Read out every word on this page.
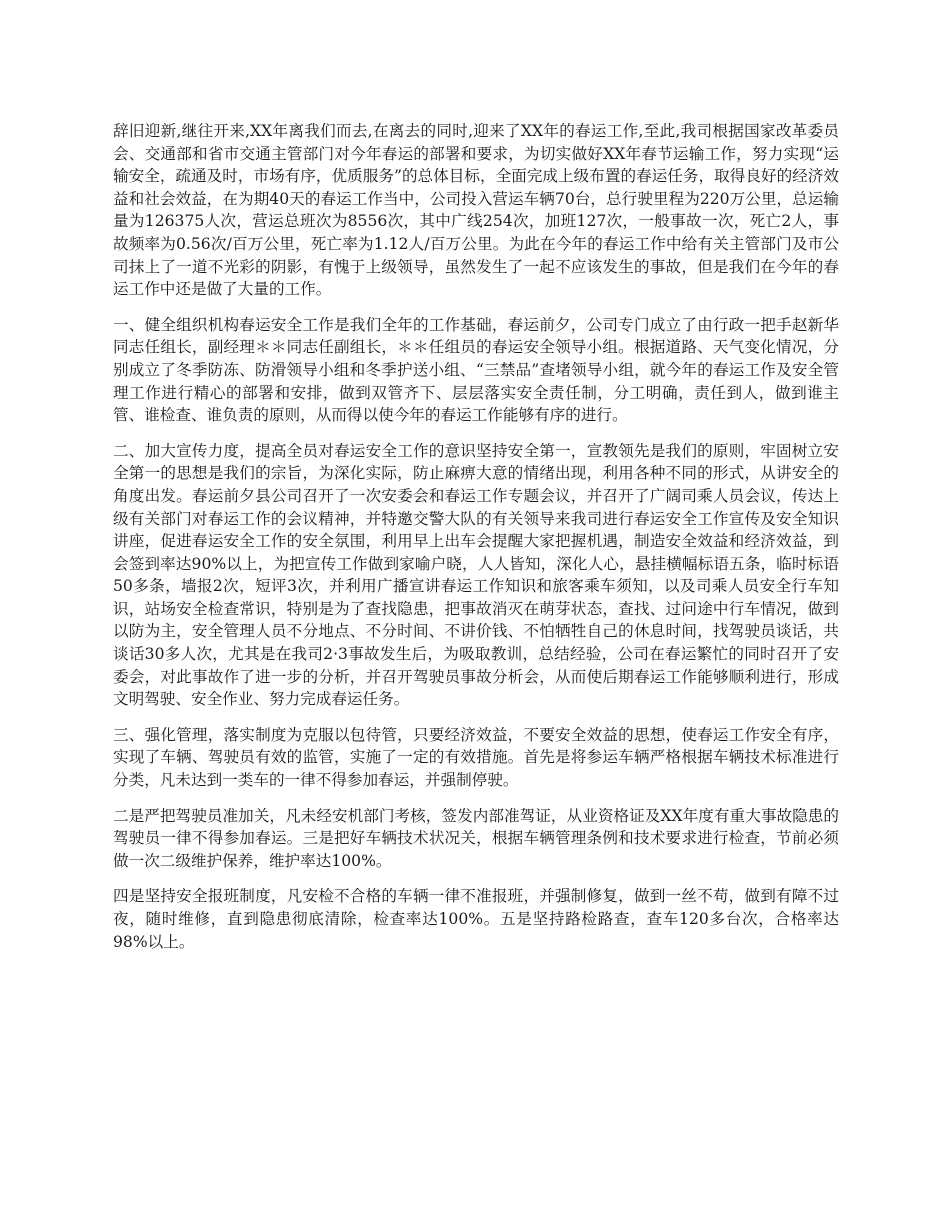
辞旧迎新,继往开来,XX年离我们而去,在离去的同时,迎来了XX年的春运工作,至此,我司根据国家改革委员会、交通部和省市交通主管部门对今年春运的部署和要求，为切实做好XX年春节运输工作，努力实现“运输安全，疏通及时，市场有序，优质服务”的总体目标，全面完成上级布置的春运任务，取得良好的经济效益和社会效益，在为期40天的春运工作当中，公司投入营运车辆70台，总行驶里程为220万公里，总运输量为126375人次，营运总班次为8556次，其中广线254次，加班127次，一般事故一次，死亡2人，事故频率为0.56次/百万公里，死亡率为1.12人/百万公里。为此在今年的春运工作中给有关主管部门及市公司抹上了一道不光彩的阴影，有愧于上级领导，虽然发生了一起不应该发生的事故，但是我们在今年的春运工作中还是做了大量的工作。

一、健全组织机构春运安全工作是我们全年的工作基础，春运前夕，公司专门成立了由行政一把手赵新华同志任组长，副经理＊＊同志任副组长，＊＊任组员的春运安全领导小组。根据道路、天气变化情况，分别成立了冬季防冻、防滑领导小组和冬季护送小组、“三禁品”查堵领导小组，就今年的春运工作及安全管理工作进行精心的部署和安排，做到双管齐下、层层落实安全责任制，分工明确，责任到人，做到谁主管、谁检查、谁负责的原则，从而得以使今年的春运工作能够有序的进行。

二、加大宣传力度，提高全员对春运安全工作的意识坚持安全第一，宣教领先是我们的原则，牢固树立安全第一的思想是我们的宗旨，为深化实际，防止麻痹大意的情绪出现，利用各种不同的形式，从讲安全的角度出发。春运前夕县公司召开了一次安委会和春运工作专题会议，并召开了广阔司乘人员会议，传达上级有关部门对春运工作的会议精神，并特邀交警大队的有关领导来我司进行春运安全工作宣传及安全知识讲座，促进春运安全工作的安全氛围，利用早上出车会提醒大家把握机遇，制造安全效益和经济效益，到会签到率达90%以上，为把宣传工作做到家喻户晓，人人皆知，深化人心，悬挂横幅标语五条，临时标语50多条，墙报2次，短评3次，并利用广播宣讲春运工作知识和旅客乘车须知，以及司乘人员安全行车知识，站场安全检查常识，特别是为了查找隐患，把事故消灭在萌芽状态，查找、过问途中行车情况，做到以防为主，安全管理人员不分地点、不分时间、不讲价钱、不怕牺牲自己的休息时间，找驾驶员谈话，共谈话30多人次，尤其是在我司2·3事故发生后，为吸取教训，总结经验，公司在春运繁忙的同时召开了安委会，对此事故作了进一步的分析，并召开驾驶员事故分析会，从而使后期春运工作能够顺利进行，形成文明驾驶、安全作业、努力完成春运任务。

三、强化管理，落实制度为克服以包待管，只要经济效益，不要安全效益的思想，使春运工作安全有序，实现了车辆、驾驶员有效的监管，实施了一定的有效措施。首先是将参运车辆严格根据车辆技术标准进行分类，凡未达到一类车的一律不得参加春运，并强制停驶。

二是严把驾驶员准加关，凡未经安机部门考核，签发内部准驾证，从业资格证及XX年度有重大事故隐患的驾驶员一律不得参加春运。三是把好车辆技术状况关，根据车辆管理条例和技术要求进行检查，节前必须做一次二级维护保养，维护率达100%。

四是坚持安全报班制度，凡安检不合格的车辆一律不准报班，并强制修复，做到一丝不苟，做到有障不过夜，随时维修，直到隐患彻底清除，检查率达100%。五是坚持路检路查，查车120多台次，合格率达98%以上。
